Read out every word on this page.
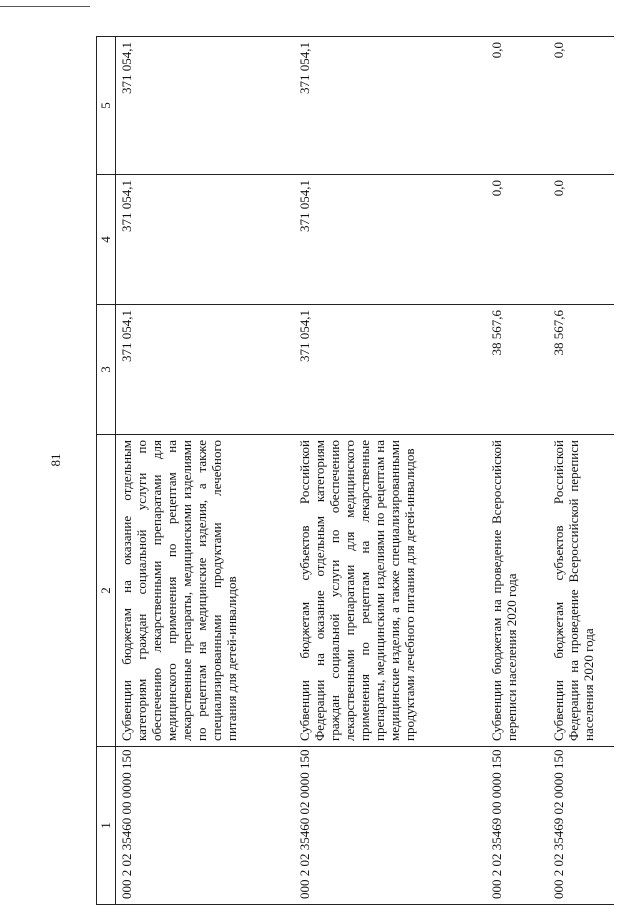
81
1	2	3	4	5
000 2 02 35460 00 0000 150	Субвенции бюджетам на оказание отдельным категориям граждан социальной услуги по обеспечению лекарственными препаратами для медицинского применения по рецептам на лекарственные препараты, медицинскими изделиями по рецептам на медицинские изделия, а также специализированными продуктами лечебного питания для детей-инвалидов	371 054,1	371 054,1	371 054,1
000 2 02 35460 02 0000 150	Субвенции бюджетам субъектов Российской Федерации на оказание отдельным категориям граждан социальной услуги по обеспечению лекарственными препаратами для медицинского применения по рецептам на лекарственные препараты, медицинскими изделиями по рецептам на медицинские изделия, а также специализированными продуктами лечебного питания для детей-инвалидов	371 054,1	371 054,1	371 054,1
000 2 02 35469 00 0000 150	Субвенции бюджетам на проведение Всероссийской переписи населения 2020 года	38 567,6	0,0	0,0
000 2 02 35469 02 0000 150	Субвенции бюджетам субъектов Российской Федерации на проведение Всероссийской переписи населения 2020 года	38 567,6	0,0	0,0
